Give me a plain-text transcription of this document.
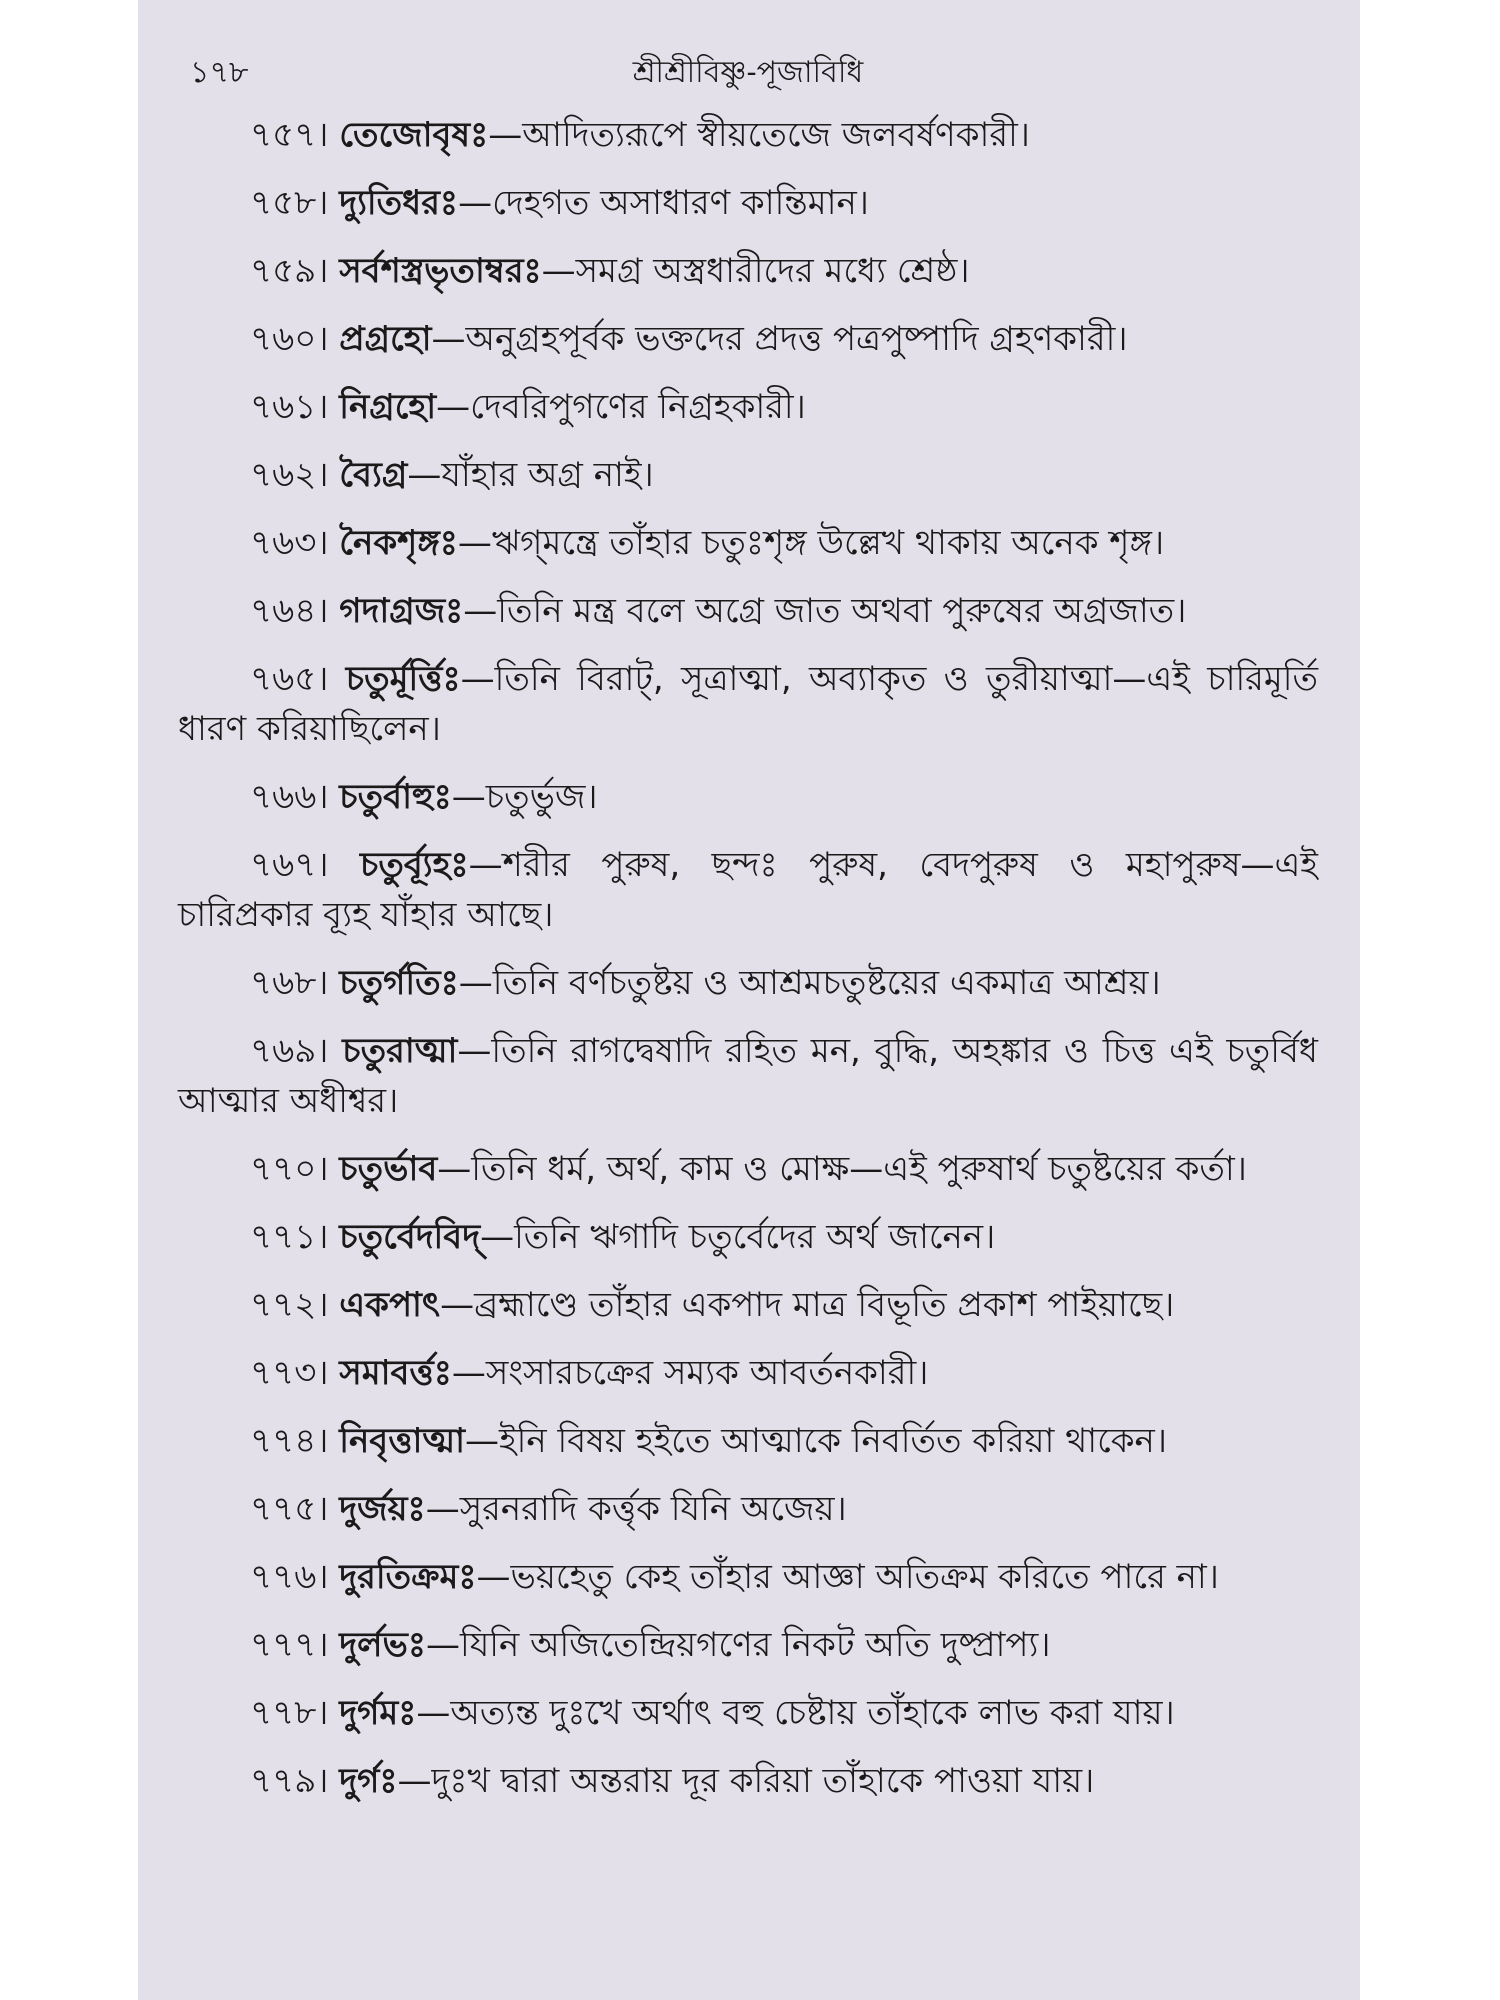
১৭৮	শ্রীশ্রীবিষ্ণু-পূজাবিধি

৭৫৭। তেজোবৃষঃ—আদিত্যরূপে স্বীয়তেজে জলবর্ষণকারী।

৭৫৮। দ্যুতিধরঃ—দেহগত অসাধারণ কান্তিমান।

৭৫৯। সর্বশস্ত্রভৃতাম্বরঃ—সমগ্র অস্ত্রধারীদের মধ্যে শ্রেষ্ঠ।

৭৬০। প্রগ্রহো—অনুগ্রহপূর্বক ভক্তদের প্রদত্ত পত্রপুষ্পাদি গ্রহণকারী।

৭৬১। নিগ্রহো—দেবরিপুগণের নিগ্রহকারী।

৭৬২। ব্যৈগ্র—যাঁহার অগ্র নাই।

৭৬৩। নৈকশৃঙ্গঃ—ঋগ্‌মন্ত্রে তাঁহার চতুঃশৃঙ্গ উল্লেখ থাকায় অনেক শৃঙ্গ।

৭৬৪। গদাগ্রজঃ—তিনি মন্ত্র বলে অগ্রে জাত অথবা পুরুষের অগ্রজাত।

৭৬৫। চতুর্মূর্ত্তিঃ—তিনি বিরাট্‌, সূত্রাত্মা, অব্যাকৃত ও তুরীয়াত্মা—এই চারিমূর্তি ধারণ করিয়াছিলেন।

৭৬৬। চতুর্বাহুঃ—চতুর্ভুজ।

৭৬৭। চতুর্ব্যূহঃ—শরীর পুরুষ, ছন্দঃ পুরুষ, বেদপুরুষ ও মহাপুরুষ—এই চারিপ্রকার ব্যূহ যাঁহার আছে।

৭৬৮। চতুর্গতিঃ—তিনি বর্ণচতুষ্টয় ও আশ্রমচতুষ্টয়ের একমাত্র আশ্রয়।

৭৬৯। চতুরাত্মা—তিনি রাগদ্বেষাদি রহিত মন, বুদ্ধি, অহঙ্কার ও চিত্ত এই চতুর্বিধ আত্মার অধীশ্বর।

৭৭০। চতুর্ভাব—তিনি ধর্ম, অর্থ, কাম ও মোক্ষ—এই পুরুষার্থ চতুষ্টয়ের কর্তা।

৭৭১। চতুর্বেদবিদ্‌—তিনি ঋগাদি চতুর্বেদের অর্থ জানেন।

৭৭২। একপাৎ—ব্রহ্মাণ্ডে তাঁহার একপাদ মাত্র বিভূতি প্রকাশ পাইয়াছে।

৭৭৩। সমাবর্ত্তঃ—সংসারচক্রের সম্যক আবর্তনকারী।

৭৭৪। নিবৃত্তাত্মা—ইনি বিষয় হইতে আত্মাকে নিবর্তিত করিয়া থাকেন।

৭৭৫। দুর্জয়ঃ—সুরনরাদি কর্ত্তৃক যিনি অজেয়।

৭৭৬। দুরতিক্রমঃ—ভয়হেতু কেহ তাঁহার আজ্ঞা অতিক্রম করিতে পারে না।

৭৭৭। দুর্লভঃ—যিনি অজিতেন্দ্রিয়গণের নিকট অতি দুষ্প্রাপ্য।

৭৭৮। দুর্গমঃ—অত্যন্ত দুঃখে অর্থাৎ বহু চেষ্টায় তাঁহাকে লাভ করা যায়।

৭৭৯। দুর্গঃ—দুঃখ দ্বারা অন্তরায় দূর করিয়া তাঁহাকে পাওয়া যায়।
